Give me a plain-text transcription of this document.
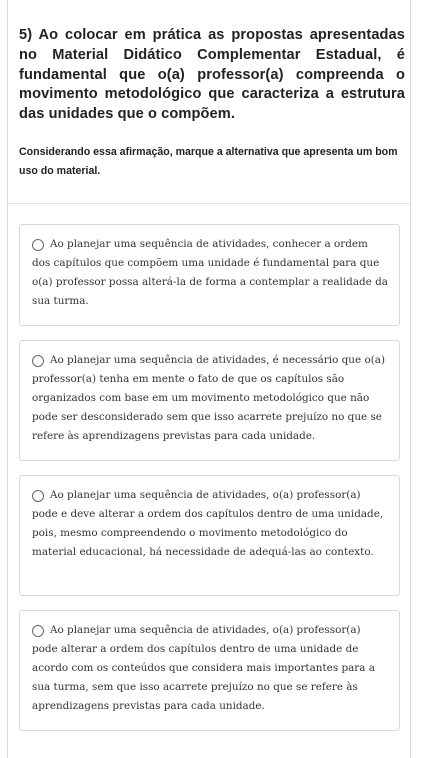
5) Ao colocar em prática as propostas apresentadas no Material Didático Complementar Estadual, é fundamental que o(a) professor(a) compreenda o movimento metodológico que caracteriza a estrutura das unidades que o compõem.

Considerando essa afirmação, marque a alternativa que apresenta um bom uso do material.

Ao planejar uma sequência de atividades, conhecer a ordem dos capítulos que compõem uma unidade é fundamental para que o(a) professor possa alterá-la de forma a contemplar a realidade da sua turma.

Ao planejar uma sequência de atividades, é necessário que o(a) professor(a) tenha em mente o fato de que os capítulos são organizados com base em um movimento metodológico que não pode ser desconsiderado sem que isso acarrete prejuízo no que se refere às aprendizagens previstas para cada unidade.

Ao planejar uma sequência de atividades, o(a) professor(a) pode e deve alterar a ordem dos capítulos dentro de uma unidade, pois, mesmo compreendendo o movimento metodológico do material educacional, há necessidade de adequá-las ao contexto.

Ao planejar uma sequência de atividades, o(a) professor(a) pode alterar a ordem dos capítulos dentro de uma unidade de acordo com os conteúdos que considera mais importantes para a sua turma, sem que isso acarrete prejuízo no que se refere às aprendizagens previstas para cada unidade.
